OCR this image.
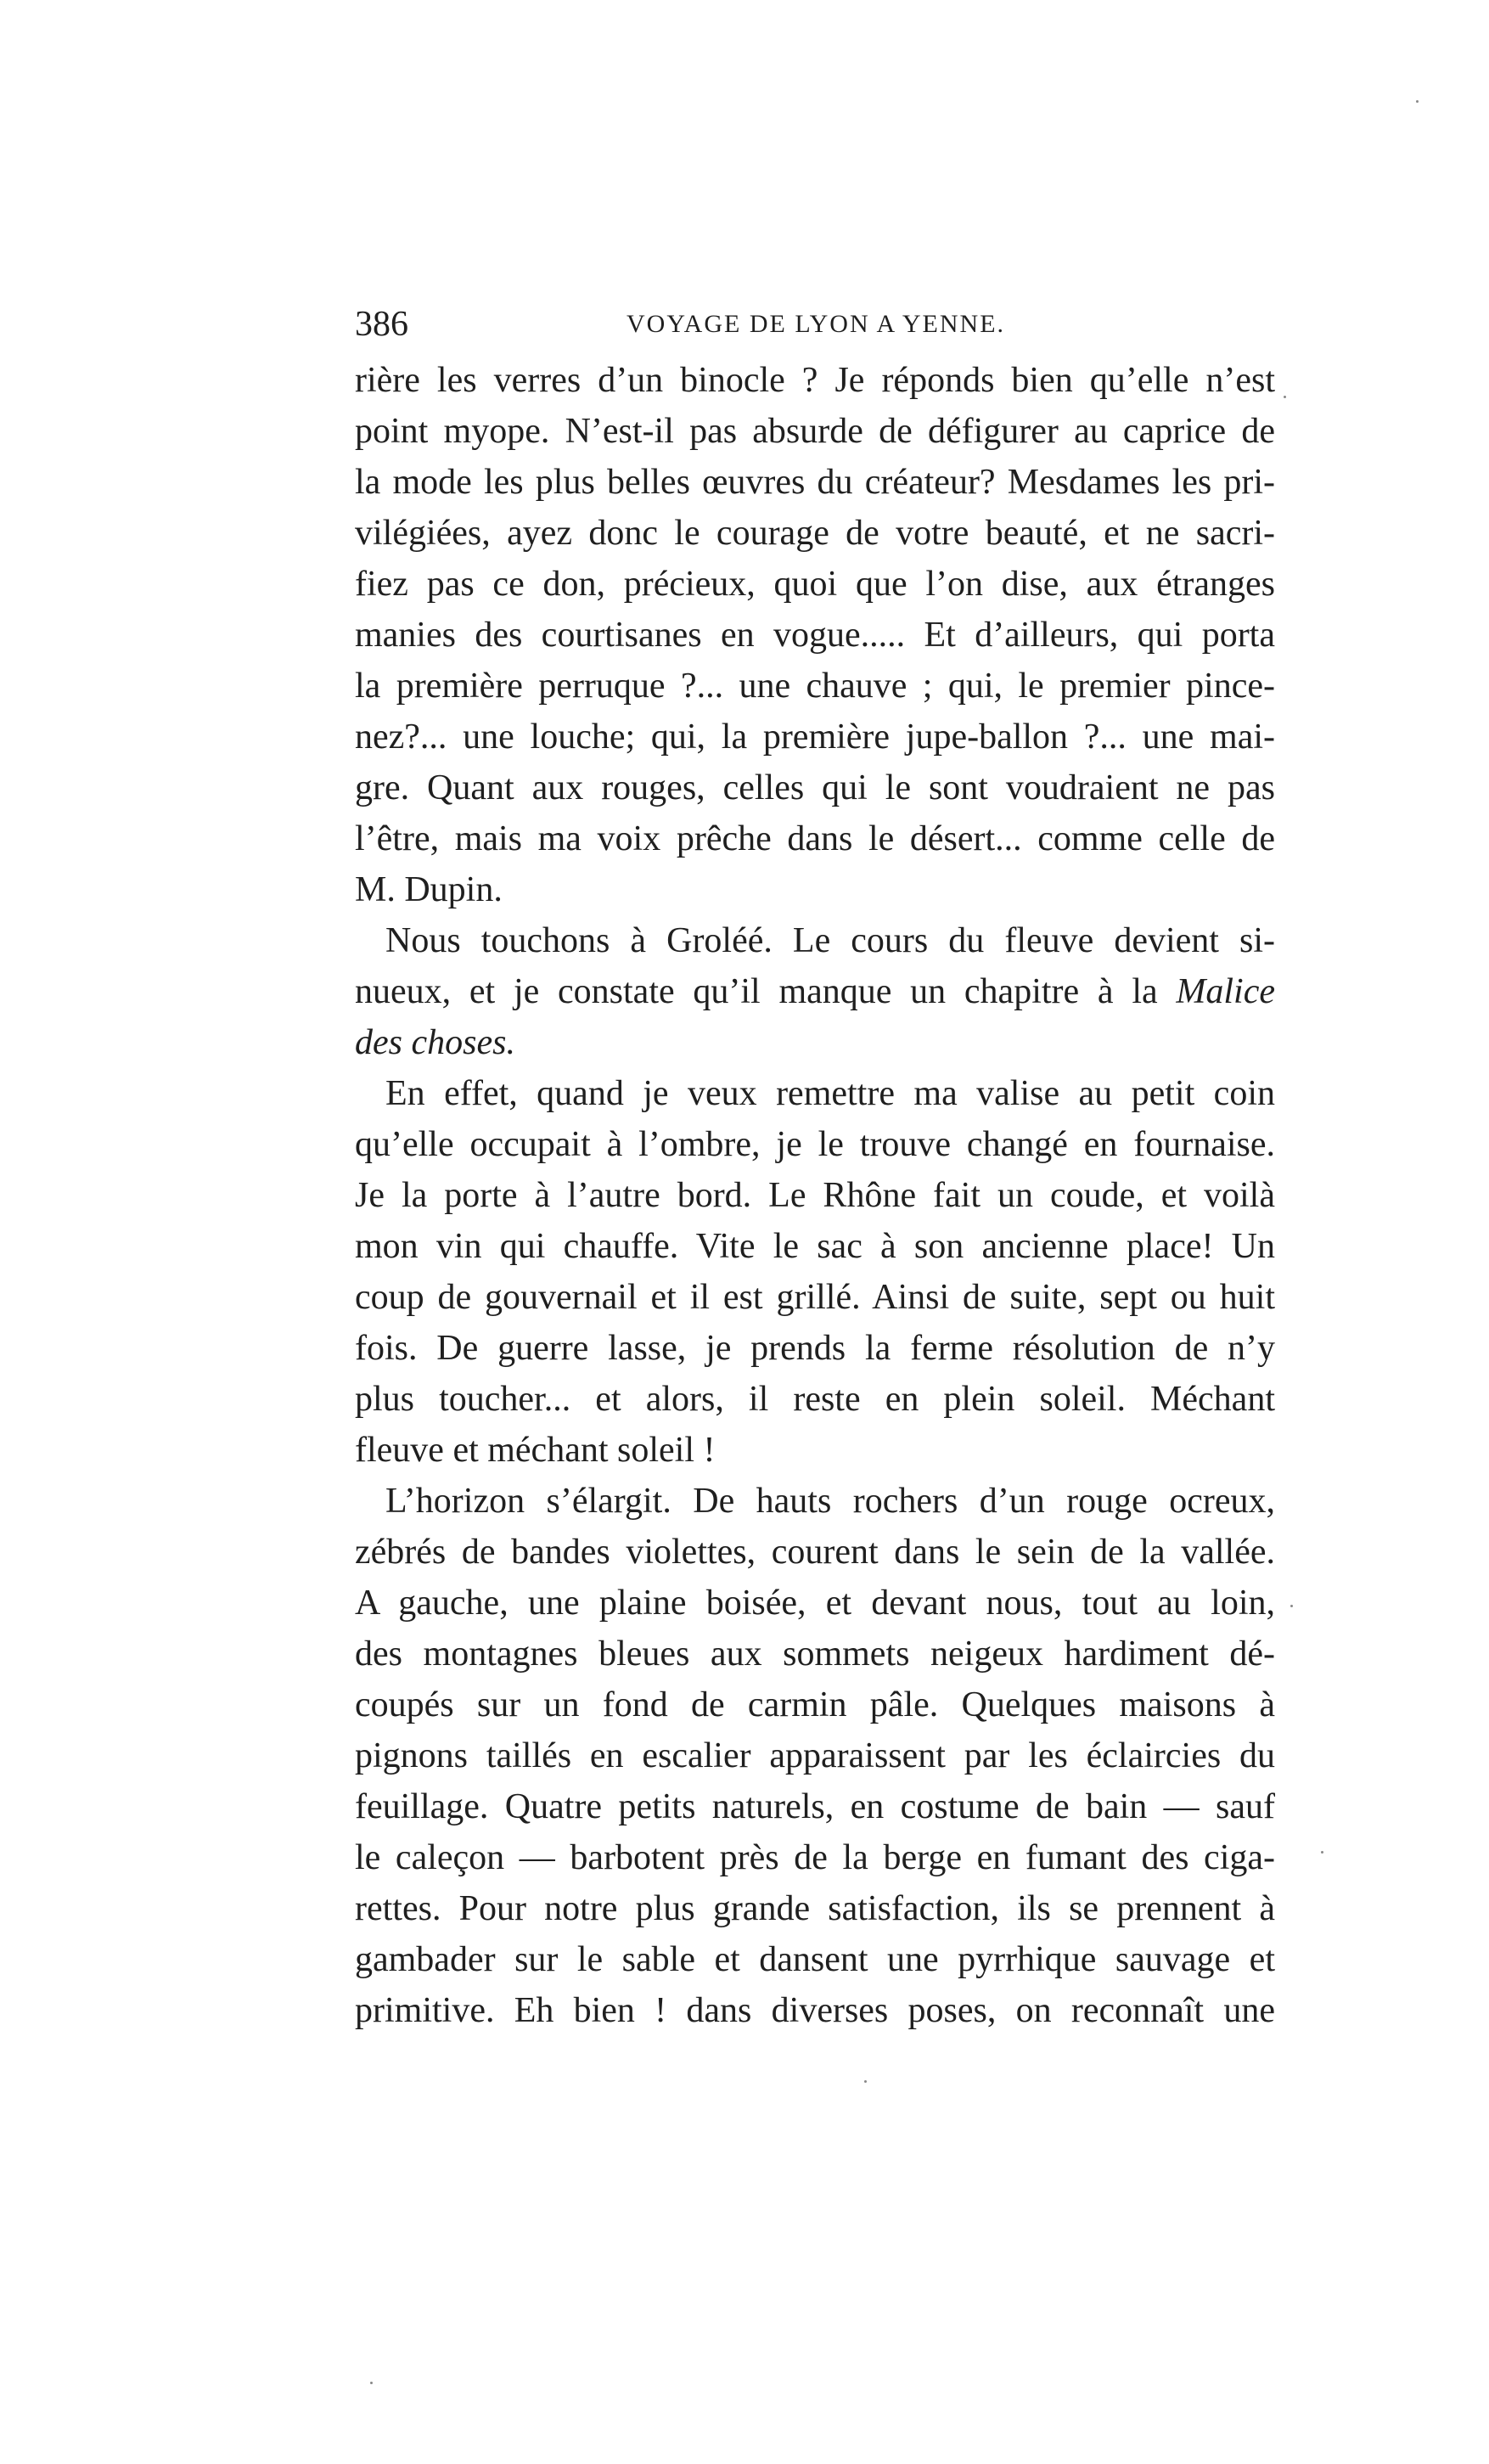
386	VOYAGE DE LYON A YENNE.
rière les verres d’un binocle ? Je réponds bien qu’elle n’est
point myope. N’est-il pas absurde de défigurer au caprice de
la mode les plus belles œuvres du créateur? Mesdames les pri-
vilégiées, ayez donc le courage de votre beauté, et ne sacri-
fiez pas ce don, précieux, quoi que l’on dise, aux étranges
manies des courtisanes en vogue..... Et d’ailleurs, qui porta
la première perruque ?... une chauve ; qui, le premier pince-
nez?... une louche; qui, la première jupe-ballon ?... une mai-
gre. Quant aux rouges, celles qui le sont voudraient ne pas
l’être, mais ma voix prêche dans le désert... comme celle de
M. Dupin.
Nous touchons à Groléé. Le cours du fleuve devient si-
nueux, et je constate qu’il manque un chapitre à la Malice
des choses.
En effet, quand je veux remettre ma valise au petit coin
qu’elle occupait à l’ombre, je le trouve changé en fournaise.
Je la porte à l’autre bord. Le Rhône fait un coude, et voilà
mon vin qui chauffe. Vite le sac à son ancienne place! Un
coup de gouvernail et il est grillé. Ainsi de suite, sept ou huit
fois. De guerre lasse, je prends la ferme résolution de n’y
plus toucher... et alors, il reste en plein soleil. Méchant
fleuve et méchant soleil !
L’horizon s’élargit. De hauts rochers d’un rouge ocreux,
zébrés de bandes violettes, courent dans le sein de la vallée.
A gauche, une plaine boisée, et devant nous, tout au loin,
des montagnes bleues aux sommets neigeux hardiment dé-
coupés sur un fond de carmin pâle. Quelques maisons à
pignons taillés en escalier apparaissent par les éclaircies du
feuillage. Quatre petits naturels, en costume de bain — sauf
le caleçon — barbotent près de la berge en fumant des ciga-
rettes. Pour notre plus grande satisfaction, ils se prennent à
gambader sur le sable et dansent une pyrrhique sauvage et
primitive. Eh bien ! dans diverses poses, on reconnaît une
